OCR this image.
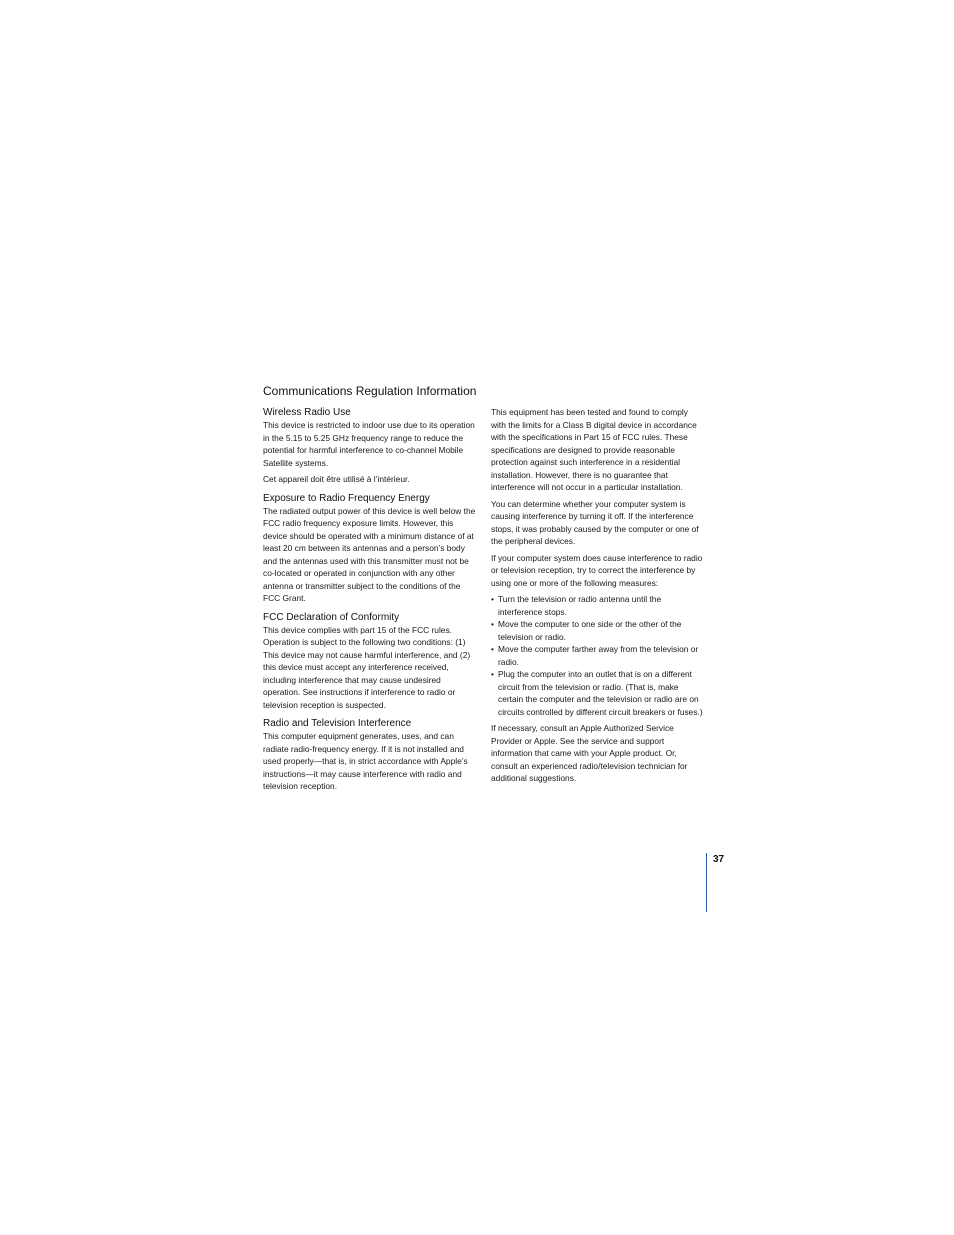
Communications Regulation Information
Wireless Radio Use

This device is restricted to indoor use due to its operation in the 5.15 to 5.25 GHz frequency range to reduce the potential for harmful interference to co-channel Mobile Satellite systems.

Cet appareil doit être utilisé à l’intérieur.

Exposure to Radio Frequency Energy

The radiated output power of this device is well below the FCC radio frequency exposure limits. However, this device should be operated with a minimum distance of at least 20 cm between its antennas and a person’s body and the antennas used with this transmitter must not be co-located or operated in conjunction with any other antenna or transmitter subject to the conditions of the FCC Grant.

FCC Declaration of Conformity

This device complies with part 15 of the FCC rules. Operation is subject to the following two conditions: (1) This device may not cause harmful interference, and (2) this device must accept any interference received, including interference that may cause undesired operation. See instructions if interference to radio or television reception is suspected.

Radio and Television Interference

This computer equipment generates, uses, and can radiate radio-frequency energy. If it is not installed and used properly—that is, in strict accordance with Apple’s instructions—it may cause interference with radio and television reception.

This equipment has been tested and found to comply with the limits for a Class B digital device in accordance with the specifications in Part 15 of FCC rules. These specifications are designed to provide reasonable protection against such interference in a residential installation. However, there is no guarantee that interference will not occur in a particular installation.

You can determine whether your computer system is causing interference by turning it off. If the interference stops, it was probably caused by the computer or one of the peripheral devices.

If your computer system does cause interference to radio or television reception, try to correct the interference by using one or more of the following measures:

• Turn the television or radio antenna until the interference stops.
• Move the computer to one side or the other of the television or radio.
• Move the computer farther away from the television or radio.
• Plug the computer into an outlet that is on a different circuit from the television or radio. (That is, make certain the computer and the television or radio are on circuits controlled by different circuit breakers or fuses.)

If necessary, consult an Apple Authorized Service Provider or Apple. See the service and support information that came with your Apple product. Or, consult an experienced radio/television technician for additional suggestions.

37
